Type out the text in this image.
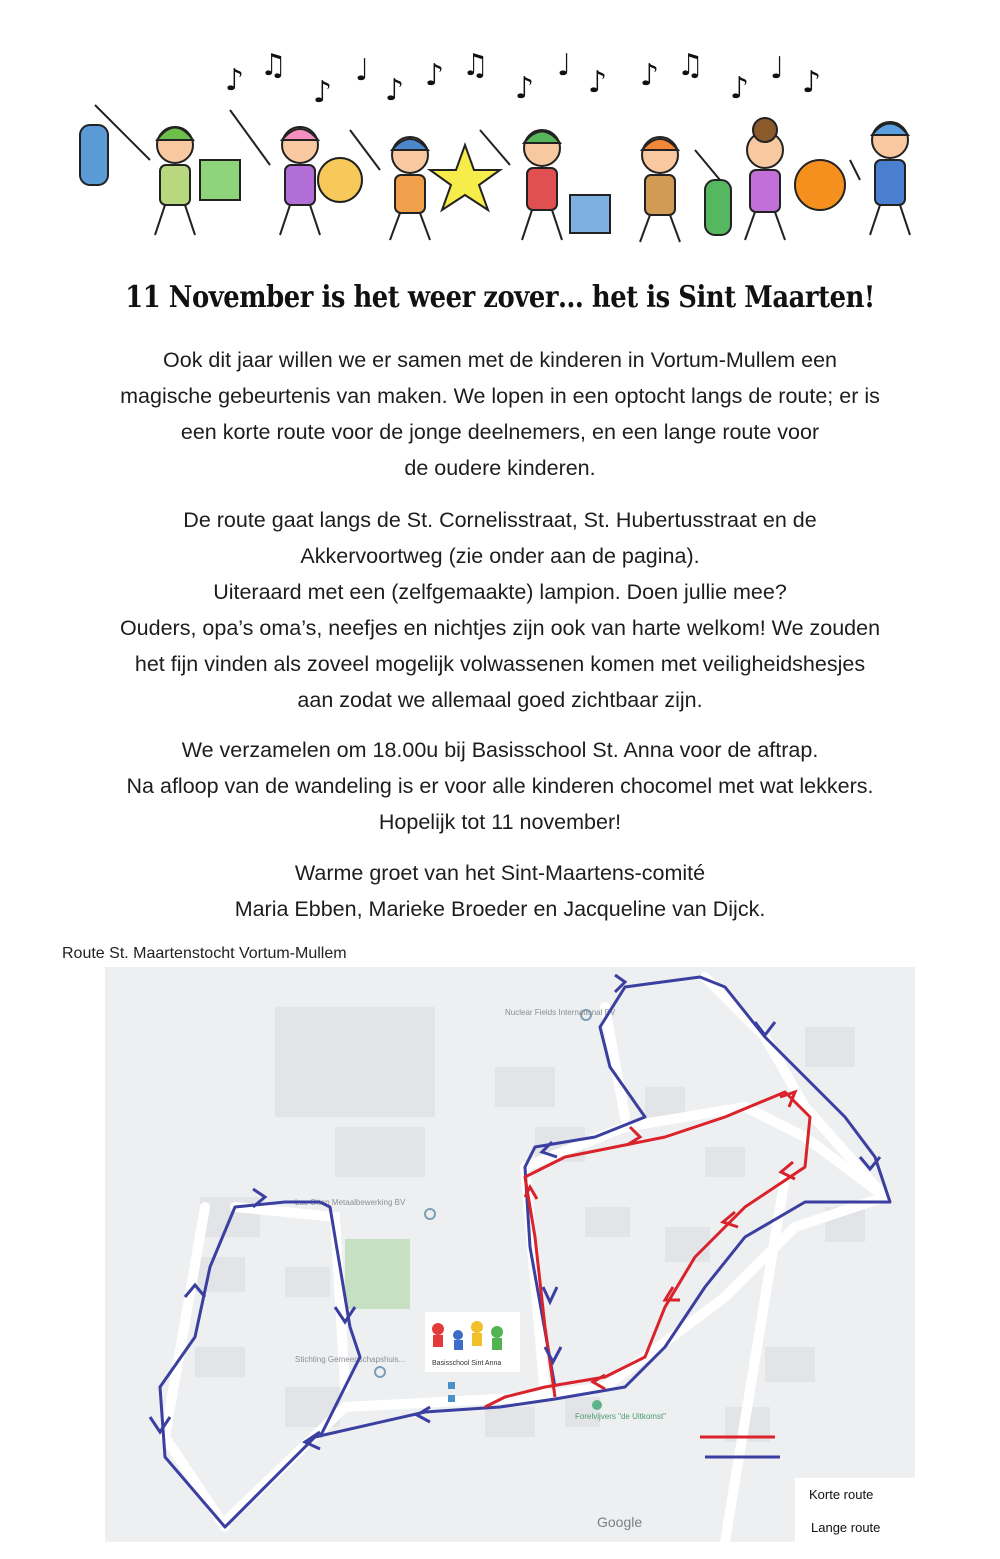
♪ ♫
♪
♩
♪ ♪ ♫
♪
♩ ♪ ♪ ♫
♪
♩ ♪
11 November is het weer zover… het is Sint Maarten!
Ook dit jaar willen we er samen met de kinderen in Vortum-Mullem een
magische gebeurtenis van maken. We lopen in een optocht langs de route; er is
een korte route voor de jonge deelnemers, en een lange route voor
de oudere kinderen.
De route gaat langs de St. Cornelisstraat, St. Hubertusstraat en de
Akkervoortweg (zie onder aan de pagina).
Uiteraard met een (zelfgemaakte) lampion. Doen jullie mee?
Ouders, opa’s oma’s, neefjes en nichtjes zijn ook van harte welkom! We zouden
het fijn vinden als zoveel mogelijk volwassenen komen met veiligheidshesjes
aan zodat we allemaal goed zichtbaar zijn.
We verzamelen om 18.00u bij Basisschool St. Anna voor de aftrap.
Na afloop van de wandeling is er voor alle kinderen chocomel met wat lekkers.
Hopelijk tot 11 november!
Warme groet van het Sint-Maartens-comité
Maria Ebben, Marieke Broeder en Jacqueline van Dijck.
Route St. Maartenstocht Vortum-Mullem
Nuclear Fields International BV
Luc Otten Metaalbewerking BV
Stichting Gemeenschapshuis...
Forelvijvers "de Uitkomst"
Basisschool Sint Anna
Google
Korte route
Lange route
